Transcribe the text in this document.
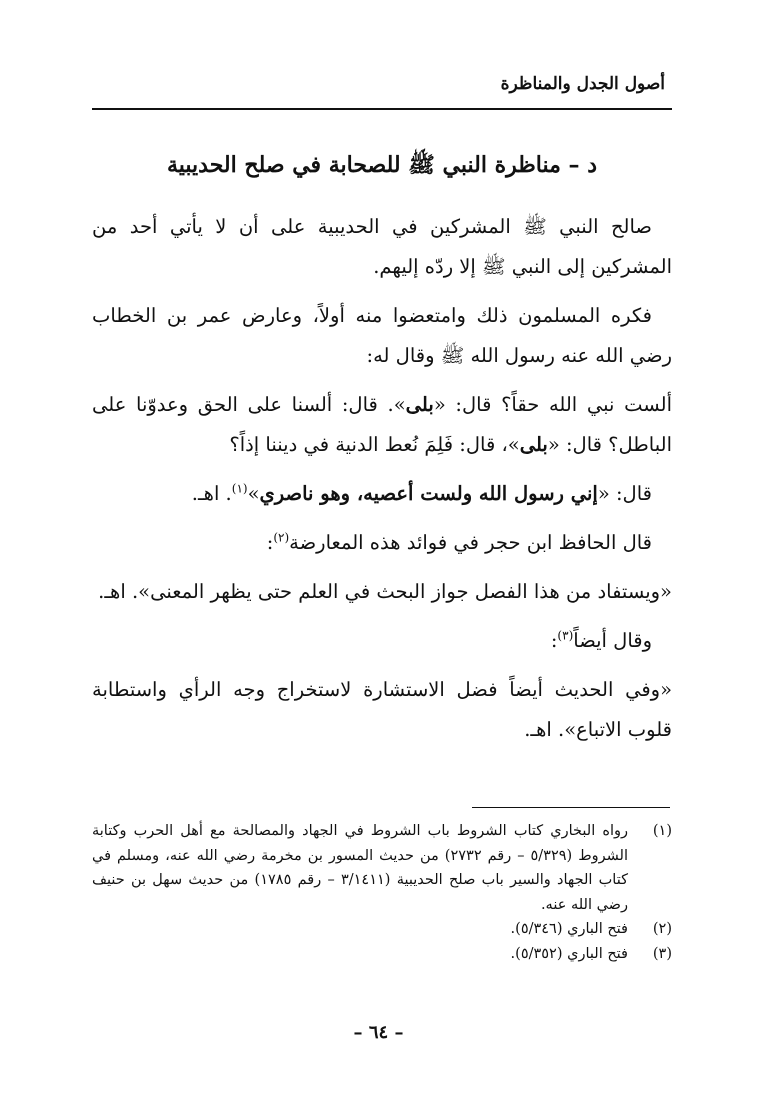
أصول الجدل والمناظرة
د – مناظرة النبي ﷺ للصحابة في صلح الحديبية

صالح النبي ﷺ المشركين في الحديبية على أن لا يأتي أحد من المشركين إلى النبي ﷺ إلا ردّه إليهم.

فكره المسلمون ذلك وامتعضوا منه أولاً، وعارض عمر بن الخطاب رضي الله عنه رسول الله ﷺ وقال له:

ألست نبي الله حقاً؟ قال: «بلى». قال: ألسنا على الحق وعدوّنا على الباطل؟ قال: «بلى»، قال: فَلِمَ نُعط الدنية في ديننا إذاً؟

قال: «إني رسول الله ولست أعصيه، وهو ناصري»$^{(١)}$. اهـ.

قال الحافظ ابن حجر في فوائد هذه المعارضة$^{(٢)}$:

«ويستفاد من هذا الفصل جواز البحث في العلم حتى يظهر المعنى». اهـ.

وقال أيضاً$^{(٣)}$:

«وفي الحديث أيضاً فضل الاستشارة لاستخراج وجه الرأي واستطابة قلوب الاتباع». اهـ.

(١)
رواه البخاري كتاب الشروط باب الشروط في الجهاد والمصالحة مع أهل الحرب وكتابة الشروط (٥/٣٢٩ – رقم ٢٧٣٢) من حديث المسور بن مخرمة رضي الله عنه، ومسلم في كتاب الجهاد والسير باب صلح الحديبية (٣/١٤١١ – رقم ١٧٨٥) من حديث سهل بن حنيف رضي الله عنه.
(٢)
فتح الباري (٥/٣٤٦).
(٣)
فتح الباري (٥/٣٥٢).
– ٦٤ –
